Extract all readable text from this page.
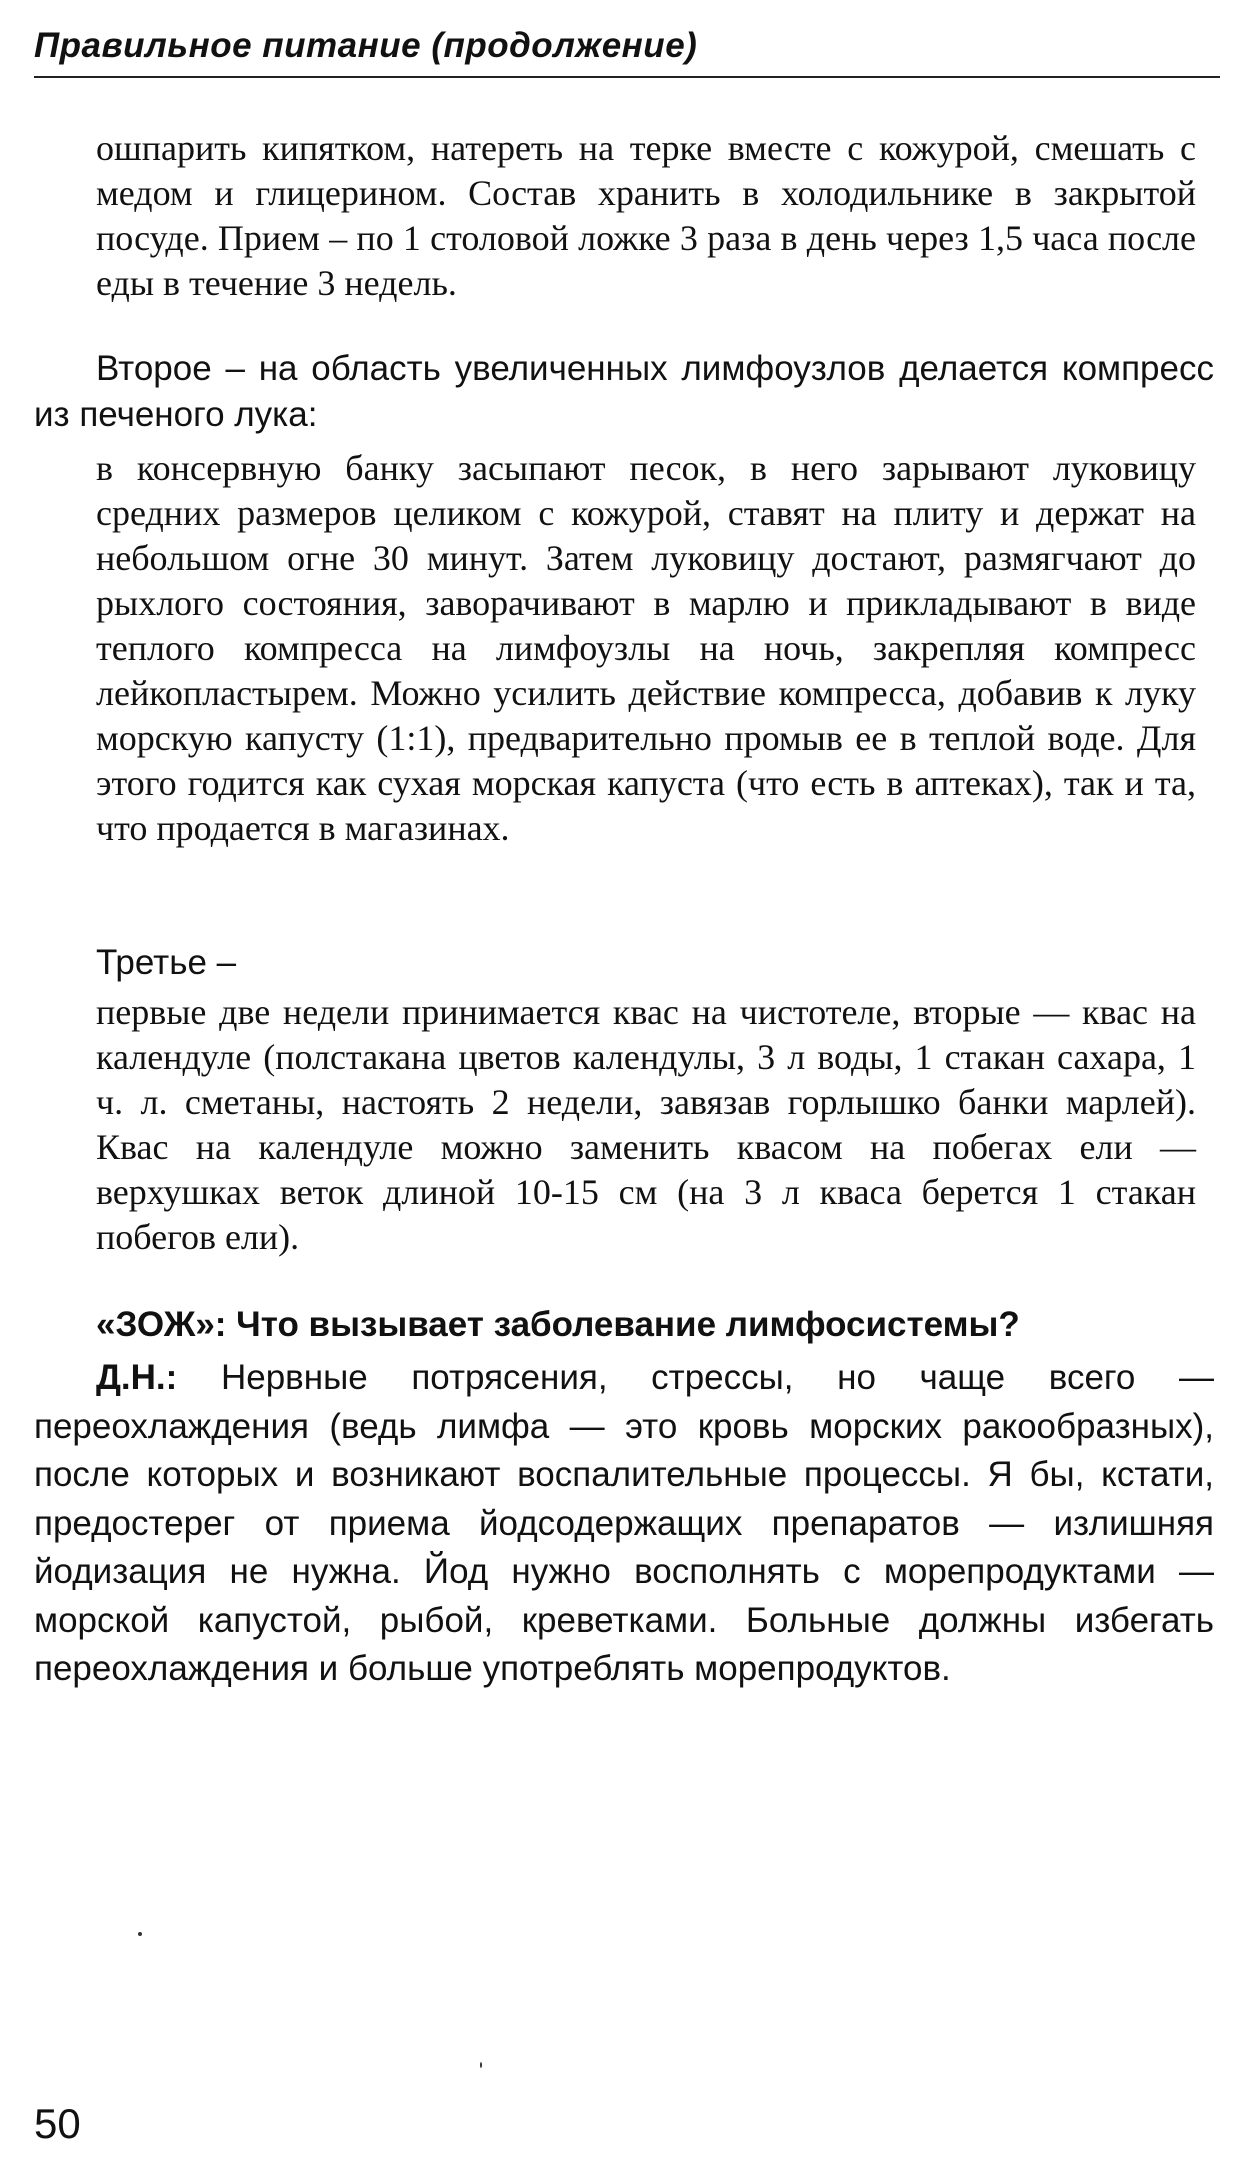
Правильное питание (продолжение)

ошпарить кипятком, натереть на терке вместе с кожурой, смешать с медом и глицерином. Состав хранить в холодильнике в закрытой посуде. Прием – по 1 столовой ложке 3 раза в день через 1,5 часа после еды в течение 3 недель.

Второе – на область увеличенных лимфоузлов делается компресс из печеного лука:

в консервную банку засыпают песок, в него зарывают луковицу средних размеров целиком с кожурой, ставят на плиту и держат на небольшом огне 30 минут. Затем луковицу достают, размягчают до рыхлого состояния, заворачивают в марлю и прикладывают в виде теплого компресса на лимфоузлы на ночь, закрепляя компресс лейкопластырем. Можно усилить действие компресса, добавив к луку морскую капусту (1:1), предварительно промыв ее в теплой воде. Для этого годится как сухая морская капуста (что есть в аптеках), так и та, что продается в магазинах.

Третье –

первые две недели принимается квас на чистотеле, вторые — квас на календуле (полстакана цветов календулы, 3 л воды, 1 стакан сахара, 1 ч. л. сметаны, настоять 2 недели, завязав горлышко банки марлей). Квас на календуле можно заменить квасом на побегах ели — верхушках веток длиной 10-15 см (на 3 л кваса берется 1 стакан побегов ели).

«ЗОЖ»: Что вызывает заболевание лимфосистемы?

Д.Н.: Нервные потрясения, стрессы, но чаще всего — переохлаждения (ведь лимфа — это кровь морских ракообразных), после которых и возникают воспалительные процессы. Я бы, кстати, предостерег от приема йодсодержащих препаратов — излишняя йодизация не нужна. Йод нужно восполнять с морепродуктами — морской капустой, рыбой, креветками. Больные должны избегать переохлаждения и больше употреблять морепродуктов.

50
